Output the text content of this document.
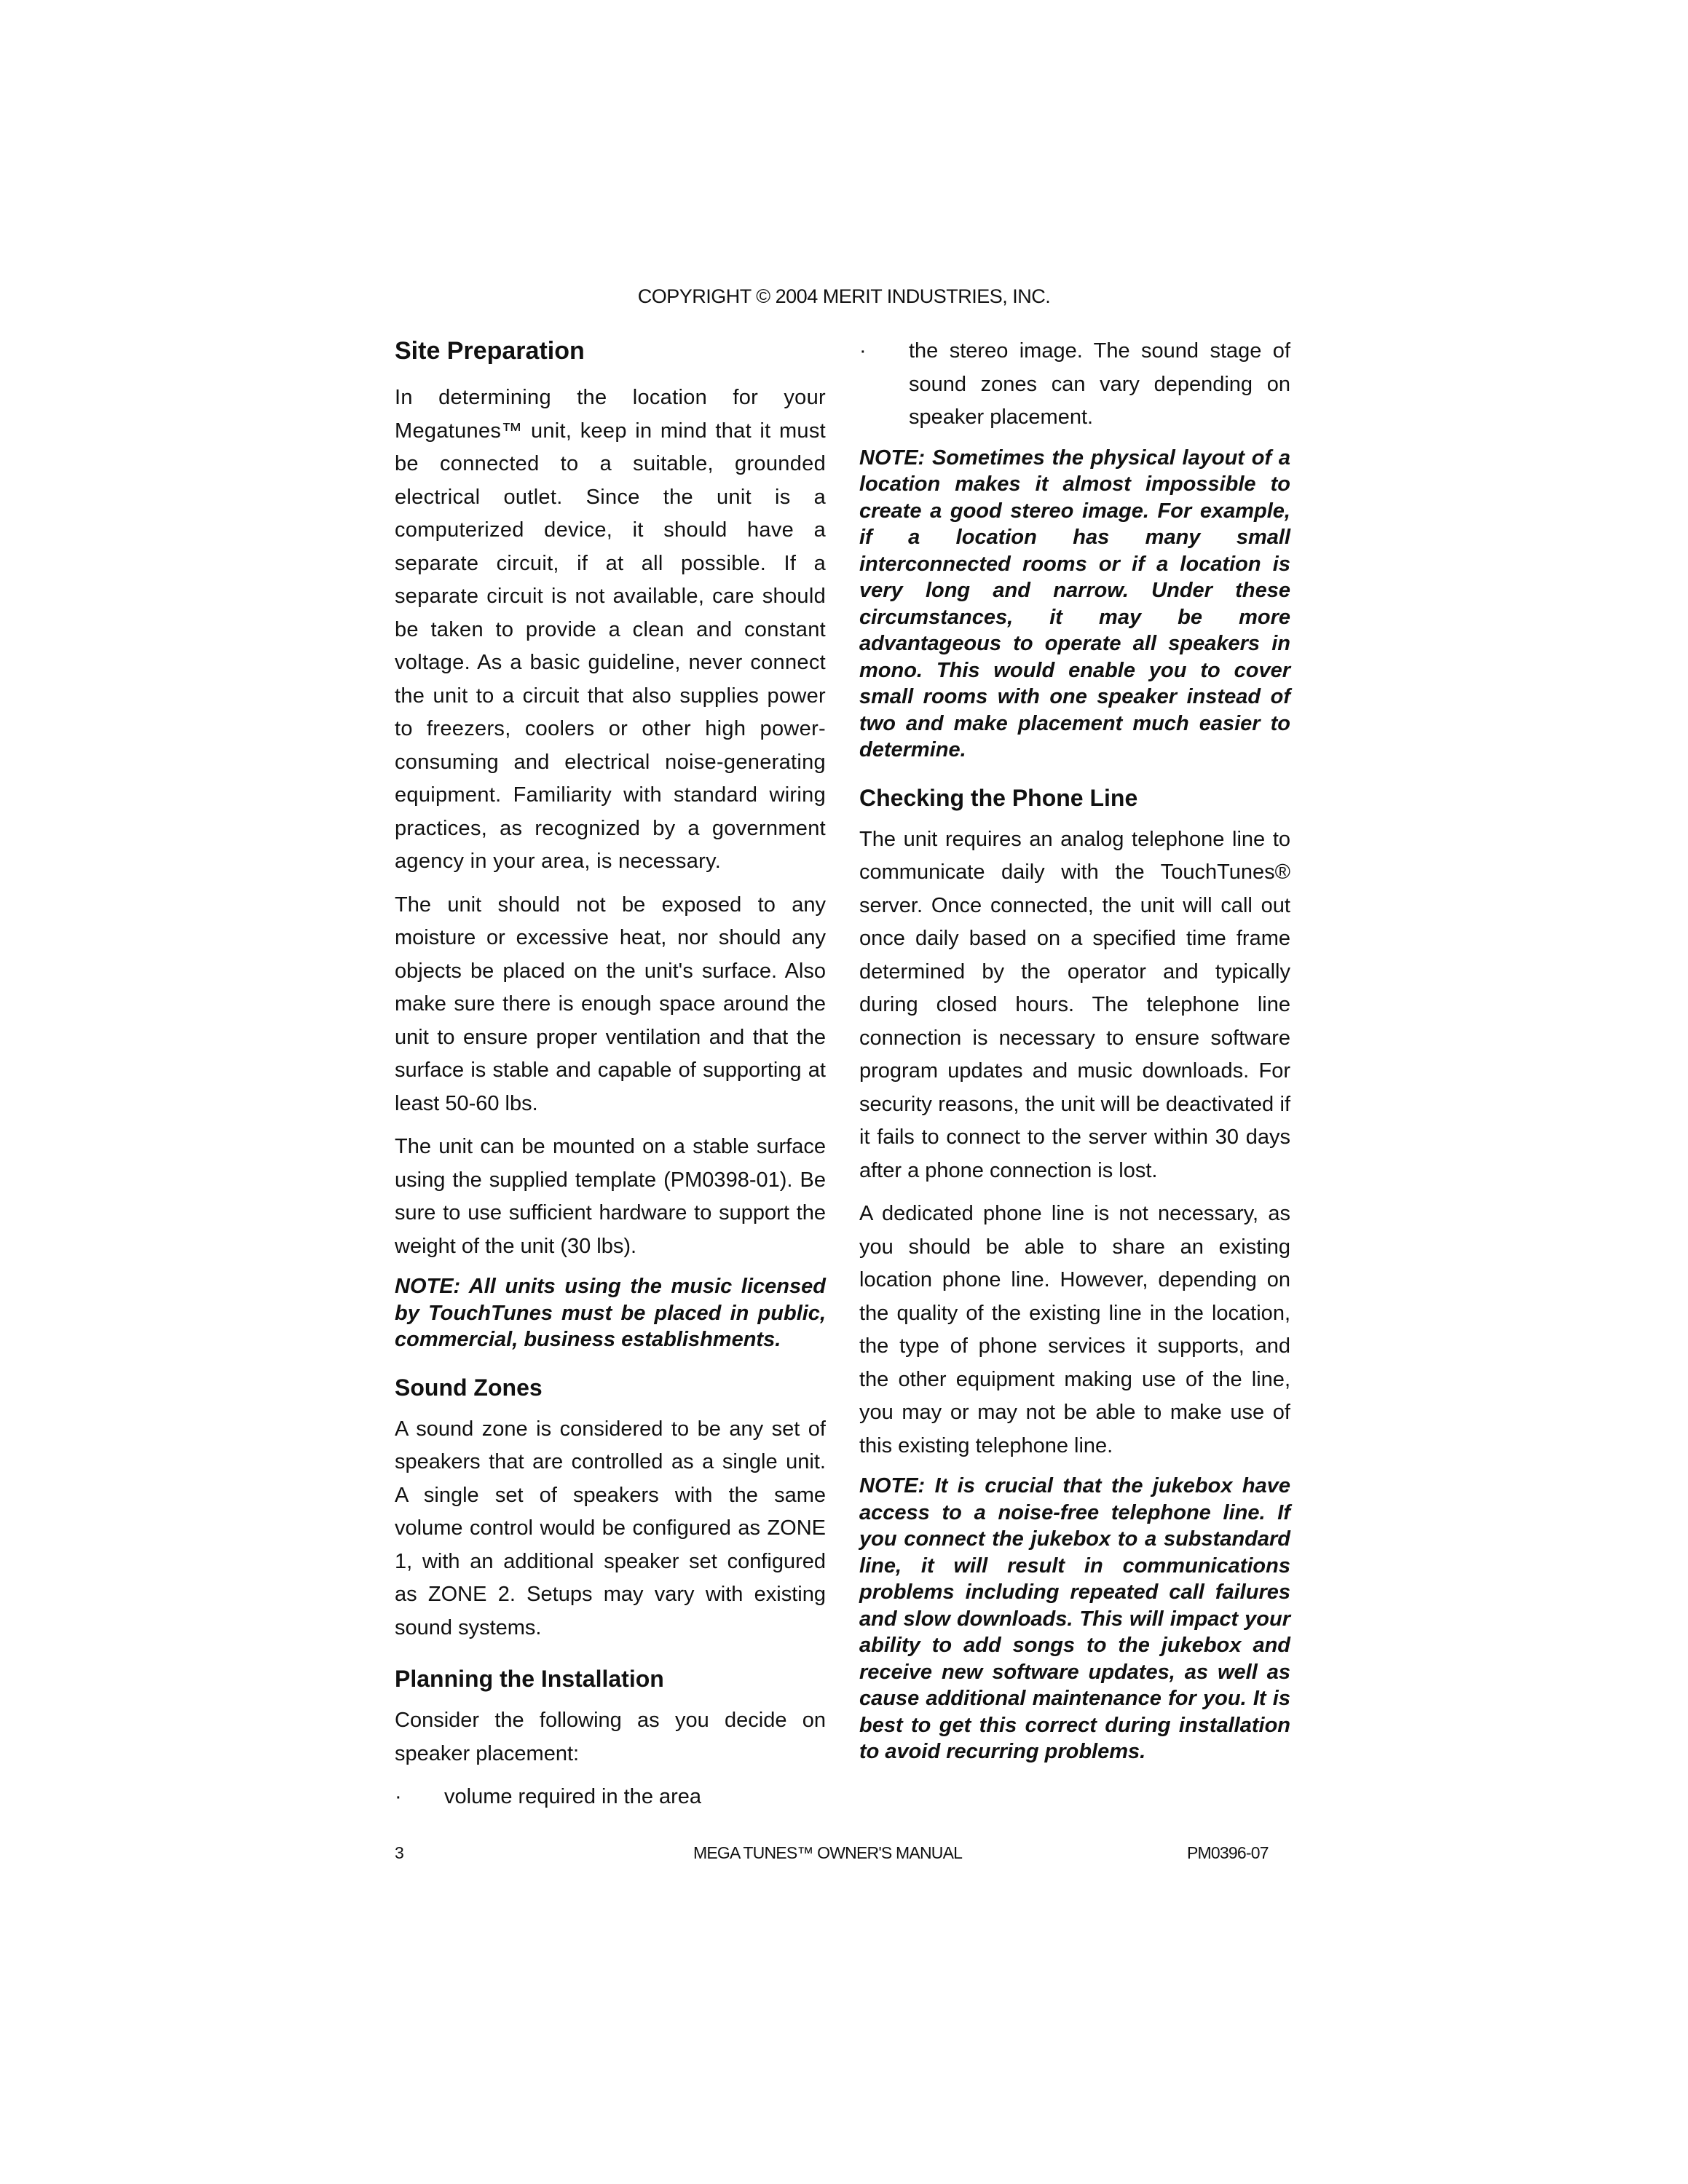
COPYRIGHT © 2004 MERIT INDUSTRIES, INC.
Site Preparation

In determining the location for your Megatunes™ unit, keep in mind that it must be connected to a suitable, grounded electrical outlet. Since the unit is a computerized device, it should have a separate circuit, if at all possible. If a separate circuit is not available, care should be taken to provide a clean and constant voltage. As a basic guideline, never connect the unit to a circuit that also supplies power to freezers, coolers or other high power-consuming and electrical noise-generating equipment. Familiarity with standard wiring practices, as recognized by a government agency in your area, is necessary.

The unit should not be exposed to any moisture or excessive heat, nor should any objects be placed on the unit's surface. Also make sure there is enough space around the unit to ensure proper ventilation and that the surface is stable and capable of supporting at least 50-60 lbs.

The unit can be mounted on a stable surface using the supplied template (PM0398-01). Be sure to use sufficient hardware to support the weight of the unit (30 lbs).

NOTE: All units using the music licensed by TouchTunes must be placed in public, commercial, business establishments.
Sound Zones

A sound zone is considered to be any set of speakers that are controlled as a single unit. A single set of speakers with the same volume control would be configured as ZONE 1, with an additional speaker set configured as ZONE 2. Setups may vary with existing sound systems.

Planning the Installation

Consider the following as you decide on speaker placement:

·	volume required in the area
·	the stereo image. The sound stage of sound zones can vary depending on speaker placement.
NOTE: Sometimes the physical layout of a location makes it almost impossible to create a good stereo image. For example, if a location has many small interconnected rooms or if a location is very long and narrow. Under these circumstances, it may be more advantageous to operate all speakers in mono. This would enable you to cover small rooms with one speaker instead of two and make placement much easier to determine.
Checking the Phone Line

The unit requires an analog telephone line to communicate daily with the TouchTunes® server. Once connected, the unit will call out once daily based on a specified time frame determined by the operator and typically during closed hours. The telephone line connection is necessary to ensure software program updates and music downloads. For security reasons, the unit will be deactivated if it fails to connect to the server within 30 days after a phone connection is lost.

A dedicated phone line is not necessary, as you should be able to share an existing location phone line. However, depending on the quality of the existing line in the location, the type of phone services it supports, and the other equipment making use of the line, you may or may not be able to make use of this existing telephone line.

NOTE: It is crucial that the jukebox have access to a noise-free telephone line. If you connect the jukebox to a substandard line, it will result in communications problems including repeated call failures and slow downloads. This will impact your ability to add songs to the jukebox and receive new software updates, as well as cause additional maintenance for you. It is best to get this correct during installation to avoid recurring problems.
3	MEGA TUNES™ OWNER'S MANUAL	PM0396-07
